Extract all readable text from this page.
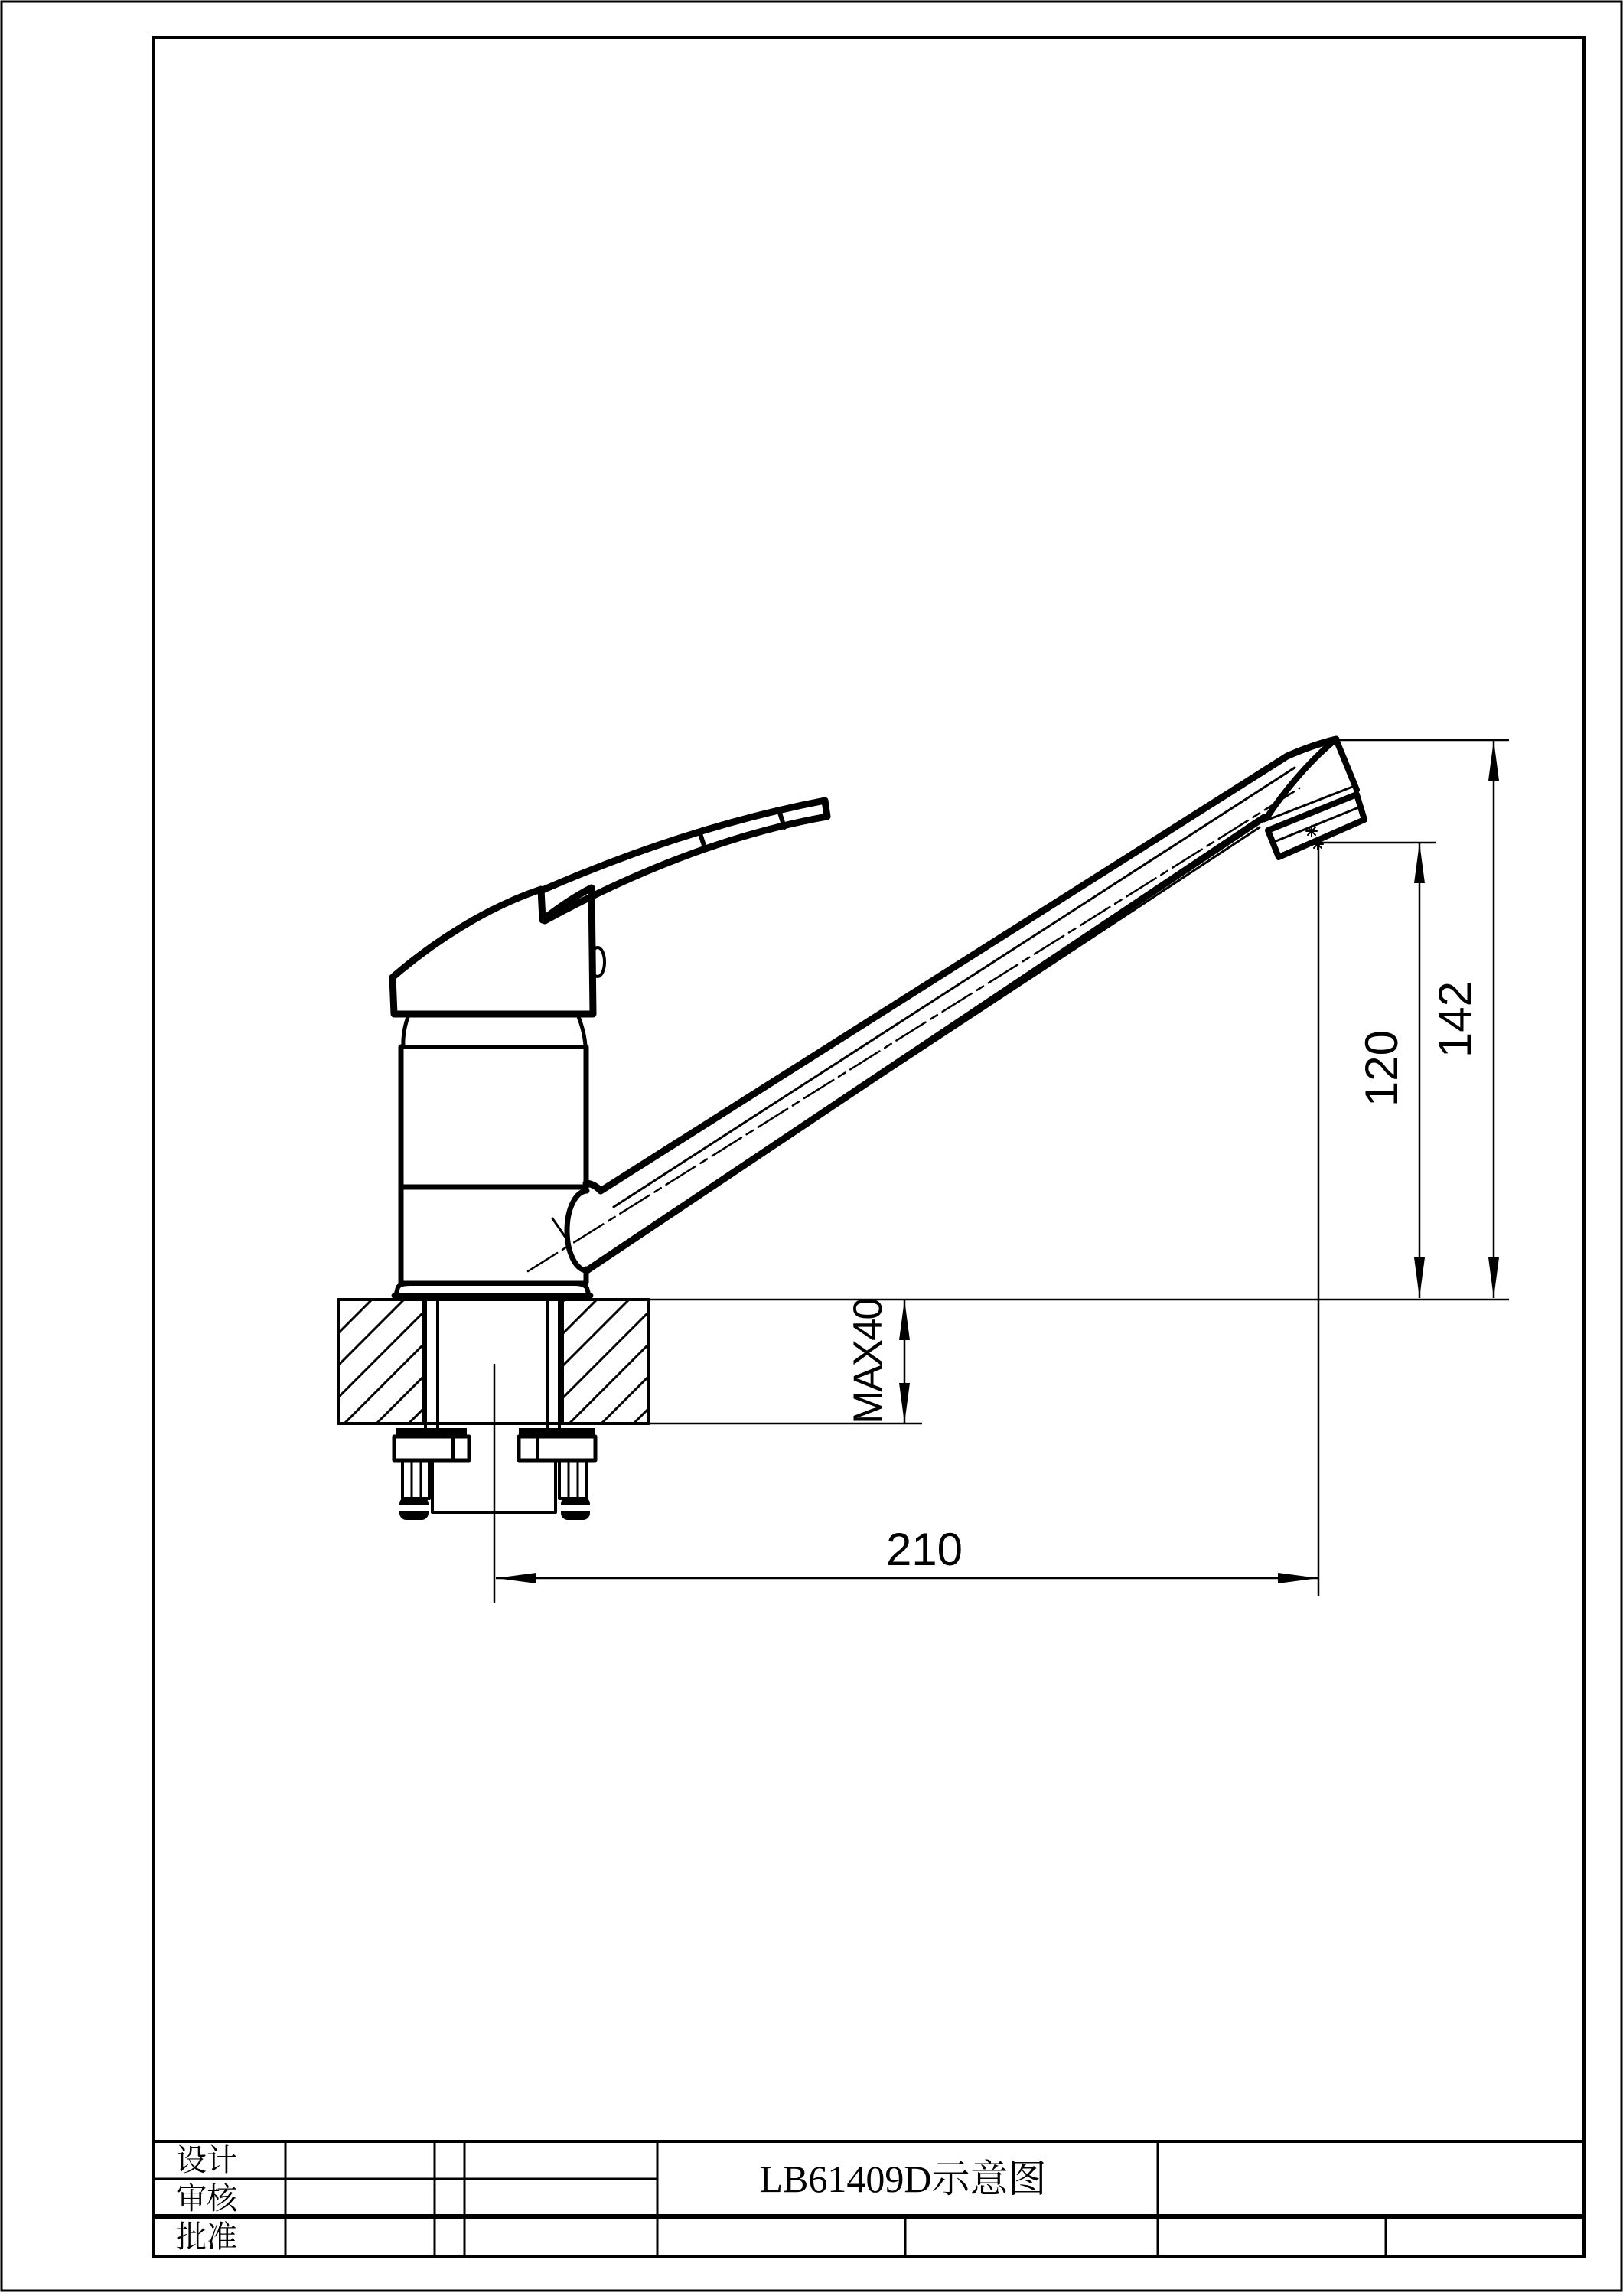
142
120
MAX40
210
设计
审核
批准
LB61409D示意图
